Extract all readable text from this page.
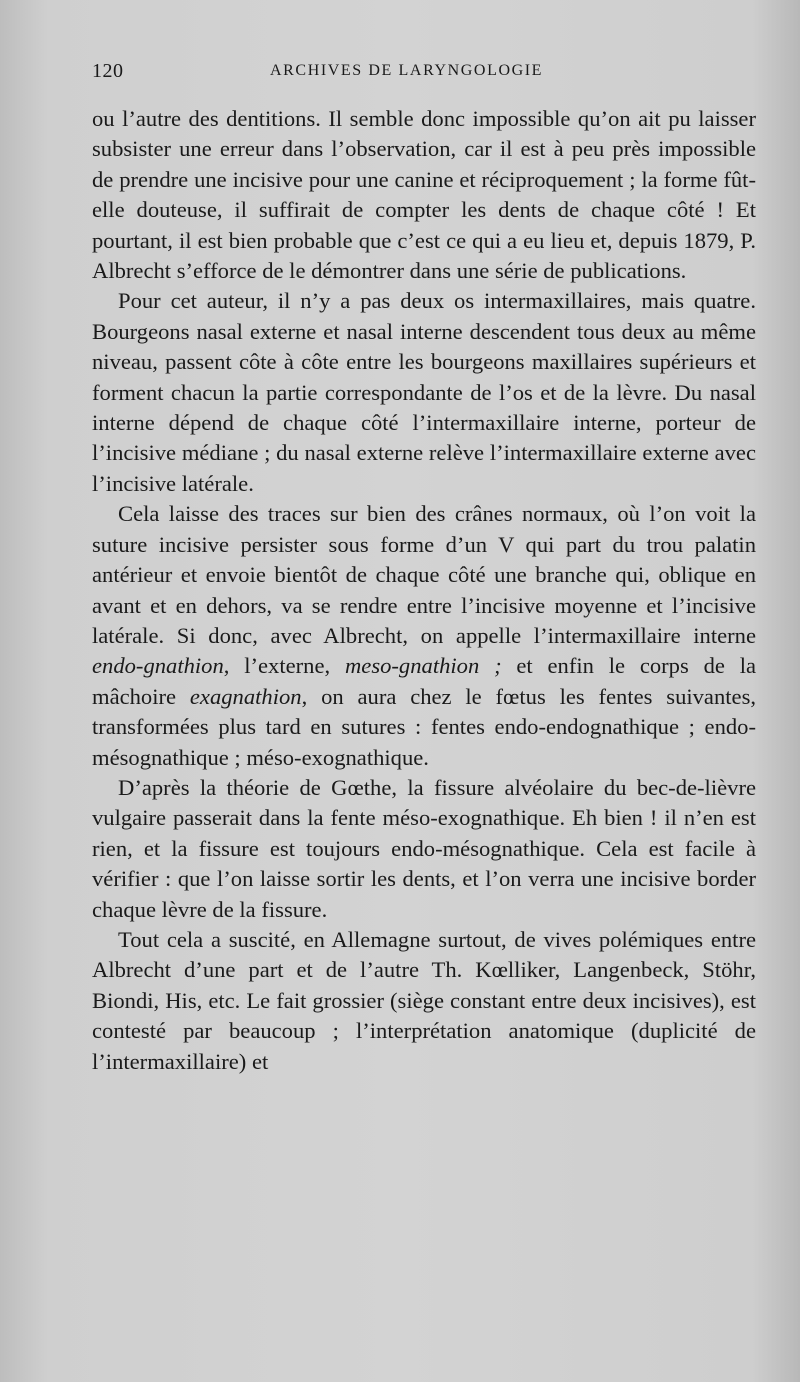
120	ARCHIVES DE LARYNGOLOGIE

ou l’autre des dentitions. Il semble donc impossible qu’on ait pu laisser subsister une erreur dans l’observation, car il est à peu près impossible de prendre une incisive pour une canine et réciproquement ; la forme fût-elle douteuse, il suffirait de compter les dents de chaque côté ! Et pourtant, il est bien probable que c’est ce qui a eu lieu et, depuis 1879, P. Albrecht s’efforce de le démontrer dans une série de publications.

Pour cet auteur, il n’y a pas deux os intermaxillaires, mais quatre. Bourgeons nasal externe et nasal interne descendent tous deux au même niveau, passent côte à côte entre les bourgeons maxillaires supérieurs et forment chacun la partie correspondante de l’os et de la lèvre. Du nasal interne dépend de chaque côté l’intermaxillaire interne, porteur de l’incisive médiane ; du nasal externe relève l’intermaxillaire externe avec l’incisive latérale.

Cela laisse des traces sur bien des crânes normaux, où l’on voit la suture incisive persister sous forme d’un V qui part du trou palatin antérieur et envoie bientôt de chaque côté une branche qui, oblique en avant et en dehors, va se rendre entre l’incisive moyenne et l’incisive latérale. Si donc, avec Albrecht, on appelle l’intermaxillaire interne endo-gnathion, l’externe, meso-gnathion ; et enfin le corps de la mâchoire exagnathion, on aura chez le fœtus les fentes suivantes, transformées plus tard en sutures : fentes endo-endognathique ; endo-mésognathique ; méso-exognathique.

D’après la théorie de Gœthe, la fissure alvéolaire du bec-de-lièvre vulgaire passerait dans la fente méso-exognathique. Eh bien ! il n’en est rien, et la fissure est toujours endo-mésognathique. Cela est facile à vérifier : que l’on laisse sortir les dents, et l’on verra une incisive border chaque lèvre de la fissure.

Tout cela a suscité, en Allemagne surtout, de vives polémiques entre Albrecht d’une part et de l’autre Th. Kœlliker, Langenbeck, Stöhr, Biondi, His, etc. Le fait grossier (siège constant entre deux incisives), est contesté par beaucoup ; l’interprétation anatomique (duplicité de l’intermaxillaire) et
